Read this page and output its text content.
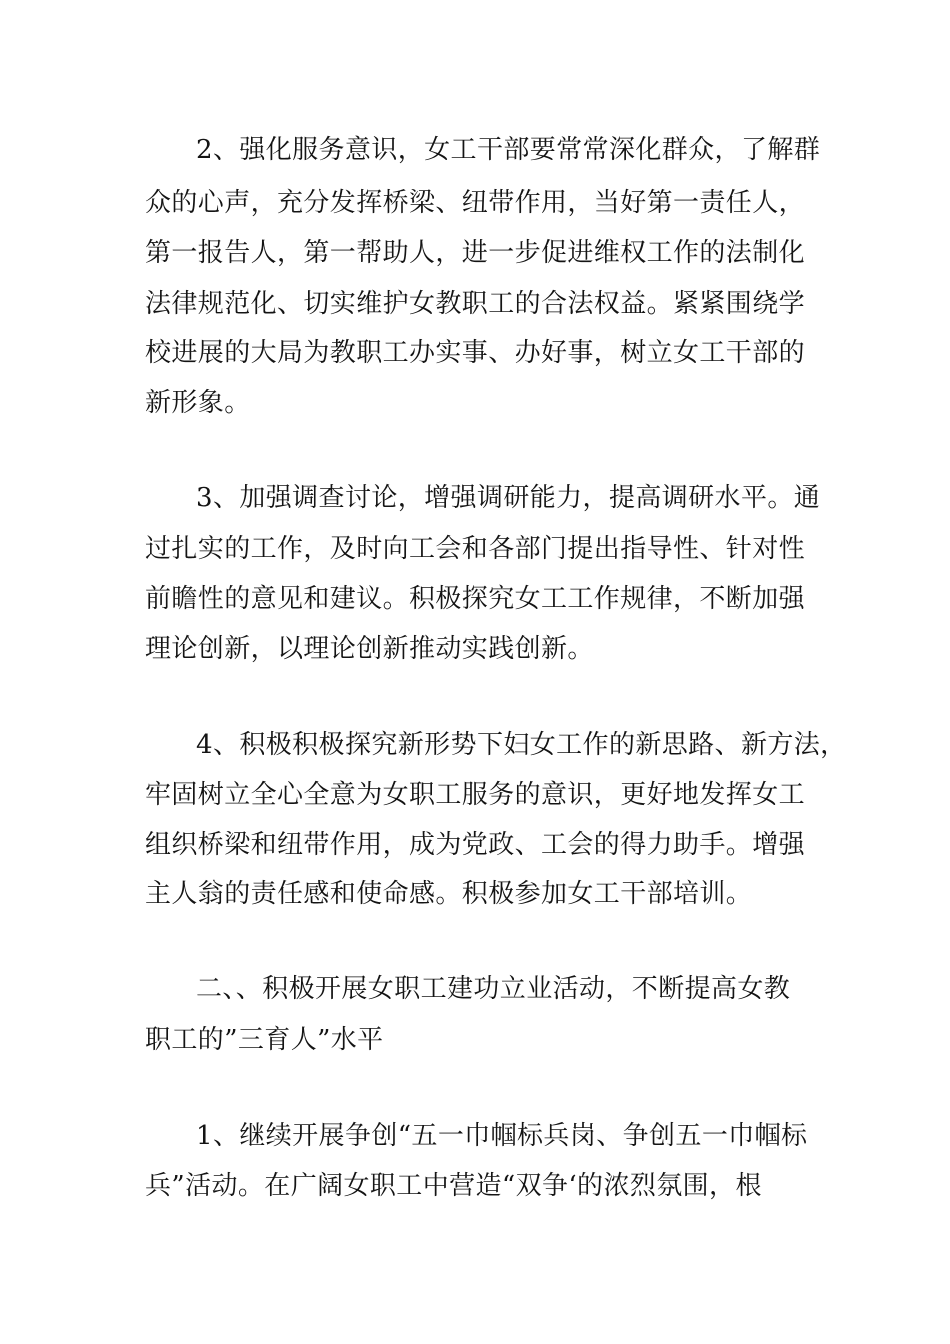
2、强化服务意识，女工干部要常常深化群众，了解群

众的心声，充分发挥桥梁、纽带作用，当好第一责任人，

第一报告人，第一帮助人，进一步促进维权工作的法制化

法律规范化、切实维护女教职工的合法权益。紧紧围绕学

校进展的大局为教职工办实事、办好事，树立女工干部的

新形象。

3、加强调查讨论，增强调研能力，提高调研水平。通

过扎实的工作，及时向工会和各部门提出指导性、针对性

前瞻性的意见和建议。积极探究女工工作规律，不断加强

理论创新，以理论创新推动实践创新。

4、积极积极探究新形势下妇女工作的新思路、新方法，

牢固树立全心全意为女职工服务的意识，更好地发挥女工

组织桥梁和纽带作用，成为党政、工会的得力助手。增强

主人翁的责任感和使命感。积极参加女工干部培训。

二、、积极开展女职工建功立业活动，不断提高女教

职工的”三育人”水平

1、继续开展争创“五一巾帼标兵岗、争创五一巾帼标

兵”活动。在广阔女职工中营造“双争‘的浓烈氛围，根
